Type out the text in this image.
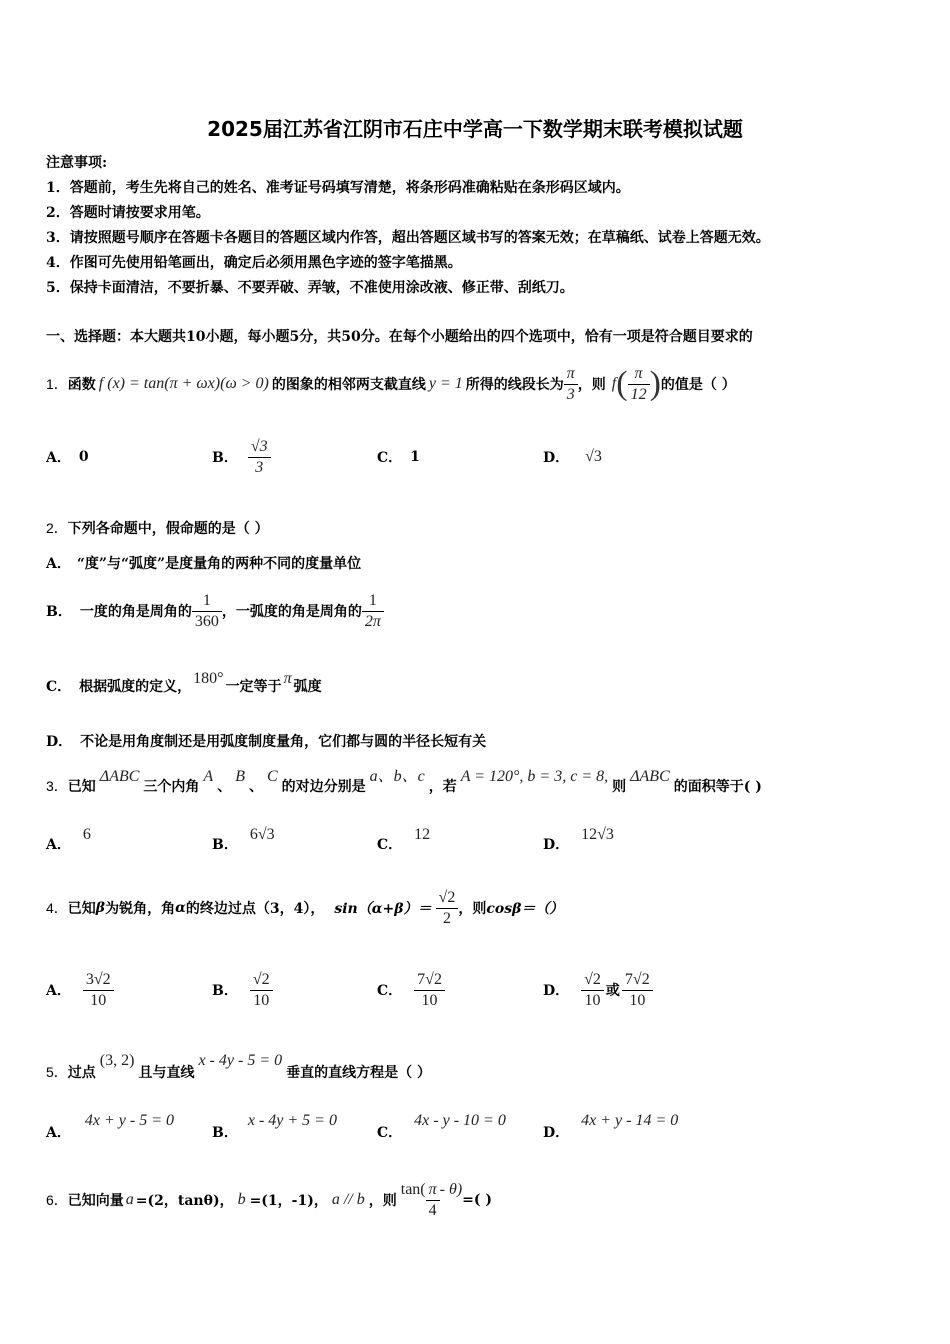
2025届江苏省江阴市石庄中学高一下数学期末联考模拟试题
注意事项:
1．答题前，考生先将自己的姓名、准考证号码填写清楚，将条形码准确粘贴在条形码区域内。
2．答题时请按要求用笔。
3．请按照题号顺序在答题卡各题目的答题区域内作答，超出答题区域书写的答案无效；在草稿纸、试卷上答题无效。
4．作图可先使用铅笔画出，确定后必须用黑色字迹的签字笔描黑。
5．保持卡面清洁，不要折暴、不要弄破、弄皱，不准使用涂改液、修正带、刮纸刀。
一、选择题：本大题共10小题，每小题5分，共50分。在每个小题给出的四个选项中，恰有一项是符合题目要求的
1． 函数 f (x) = tan(π + ωx)(ω > 0) 的图象的相邻两支截直线 y = 1 所得的线段长为 $\frac{\pi}{3}$ ，则 f ( $\frac{\pi}{12}$ ) 的值是（ ）
A． 0	B． $\frac{√3}{3}$	C． 1	D． √3
2．下列各命题中，假命题的是（ ）
A． “度”与“弧度”是度量角的两种不同的度量单位
B． 一度的角是周角的 $\frac{1}{360}$ ，一弧度的角是周角的 $\frac{1}{2\pi}$
C． 根据弧度的定义， 180° 一定等于 π 弧度
D． 不论是用角度制还是用弧度制度量角，它们都与圆的半径长短有关
3． 已知
ΔABC
三个内角
A
、
B
、
C
的对边分别是
a、b、c
，若
A = 120°, b = 3, c = 8,
则
ΔABC
的面积等于( )
A．
6
B．
6√3
C．
12
D．
12√3
4． 已知 β 为锐角，角 α 的终边过点（3，4）， $\sin(\alpha+\beta)= \frac{√2}{2}$ ，则 cosβ＝（）
A． $\frac{3√2}{10}$	B． $\frac{√2}{10}$	C． $\frac{7√2}{10}$	D． $\frac{√2}{10}$ 或 $\frac{7√2}{10}$
5． 过点
(3, 2)
且与直线
x - 4y - 5 = 0
垂直的直线方程是（ ）
A．
4x + y - 5 = 0
B．
x - 4y + 5 = 0
C．
4x - y - 10 = 0
D．
4x + y - 14 = 0
6． 已知向量 a =(2，tanθ)， b =(1，-1)， a // b ，则
$\tan( \frac{\pi}{4} - \theta)$
=( )
